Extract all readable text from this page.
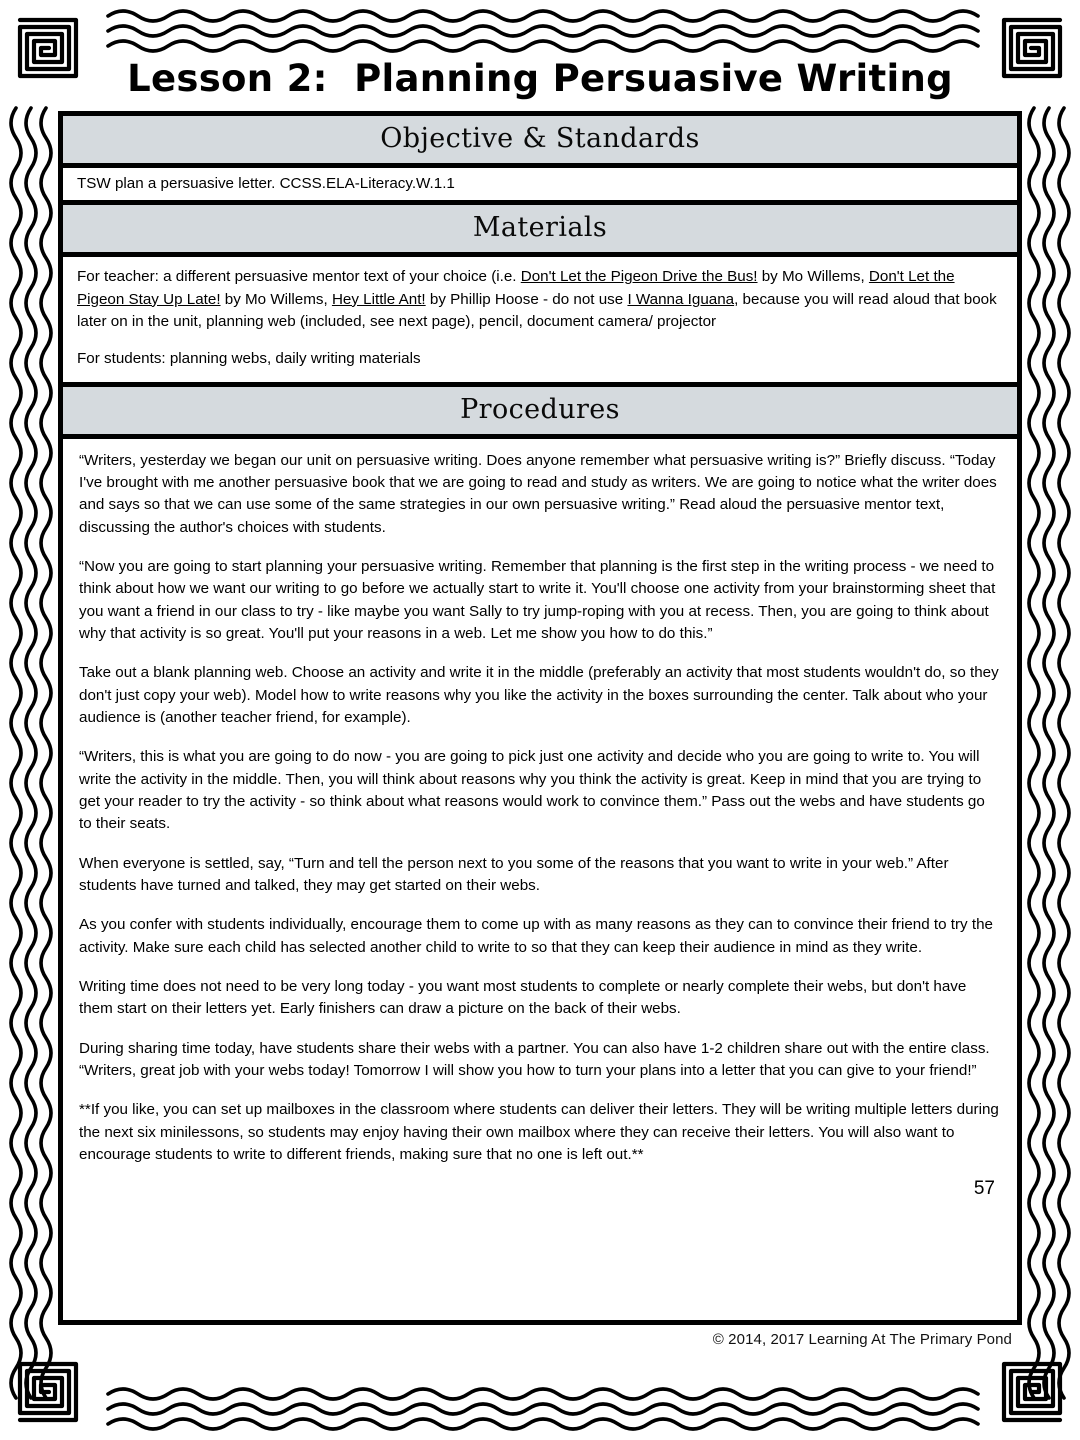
Lesson 2:  Planning Persuasive Writing
Objective & Standards

TSW plan a persuasive letter. CCSS.ELA-Literacy.W.1.1

Materials

For teacher: a different persuasive mentor text of your choice (i.e. Don't Let the Pigeon Drive the Bus! by Mo Willems, Don't Let the Pigeon Stay Up Late! by Mo Willems, Hey Little Ant! by Phillip Hoose - do not use I Wanna Iguana, because you will read aloud that book later on in the unit, planning web (included, see next page), pencil, document camera/ projector

For students: planning webs, daily writing materials

Procedures

“Writers, yesterday we began our unit on persuasive writing. Does anyone remember what persuasive writing is?” Briefly discuss. “Today I've brought with me another persuasive book that we are going to read and study as writers. We are going to notice what the writer does and says so that we can use some of the same strategies in our own persuasive writing.” Read aloud the persuasive mentor text, discussing the author's choices with students.

“Now you are going to start planning your persuasive writing. Remember that planning is the first step in the writing process - we need to think about how we want our writing to go before we actually start to write it. You'll choose one activity from your brainstorming sheet that you want a friend in our class to try - like maybe you want Sally to try jump-roping with you at recess. Then, you are going to think about why that activity is so great. You'll put your reasons in a web. Let me show you how to do this.”

Take out a blank planning web. Choose an activity and write it in the middle (preferably an activity that most students wouldn't do, so they don't just copy your web). Model how to write reasons why you like the activity in the boxes surrounding the center. Talk about who your audience is (another teacher friend, for example).

“Writers, this is what you are going to do now - you are going to pick just one activity and decide who you are going to write to. You will write the activity in the middle. Then, you will think about reasons why you think the activity is great. Keep in mind that you are trying to get your reader to try the activity - so think about what reasons would work to convince them.” Pass out the webs and have students go to their seats.

When everyone is settled, say, “Turn and tell the person next to you some of the reasons that you want to write in your web.” After students have turned and talked, they may get started on their webs.

As you confer with students individually, encourage them to come up with as many reasons as they can to convince their friend to try the activity. Make sure each child has selected another child to write to so that they can keep their audience in mind as they write.

Writing time does not need to be very long today - you want most students to complete or nearly complete their webs, but don't have them start on their letters yet. Early finishers can draw a picture on the back of their webs.

During sharing time today, have students share their webs with a partner. You can also have 1-2 children share out with the entire class. “Writers, great job with your webs today! Tomorrow I will show you how to turn your plans into a letter that you can give to your friend!”

**If you like, you can set up mailboxes in the classroom where students can deliver their letters. They will be writing multiple letters during the next six minilessons, so students may enjoy having their own mailbox where they can receive their letters. You will also want to encourage students to write to different friends, making sure that no one is left out.**

57
© 2014, 2017 Learning At The Primary Pond
